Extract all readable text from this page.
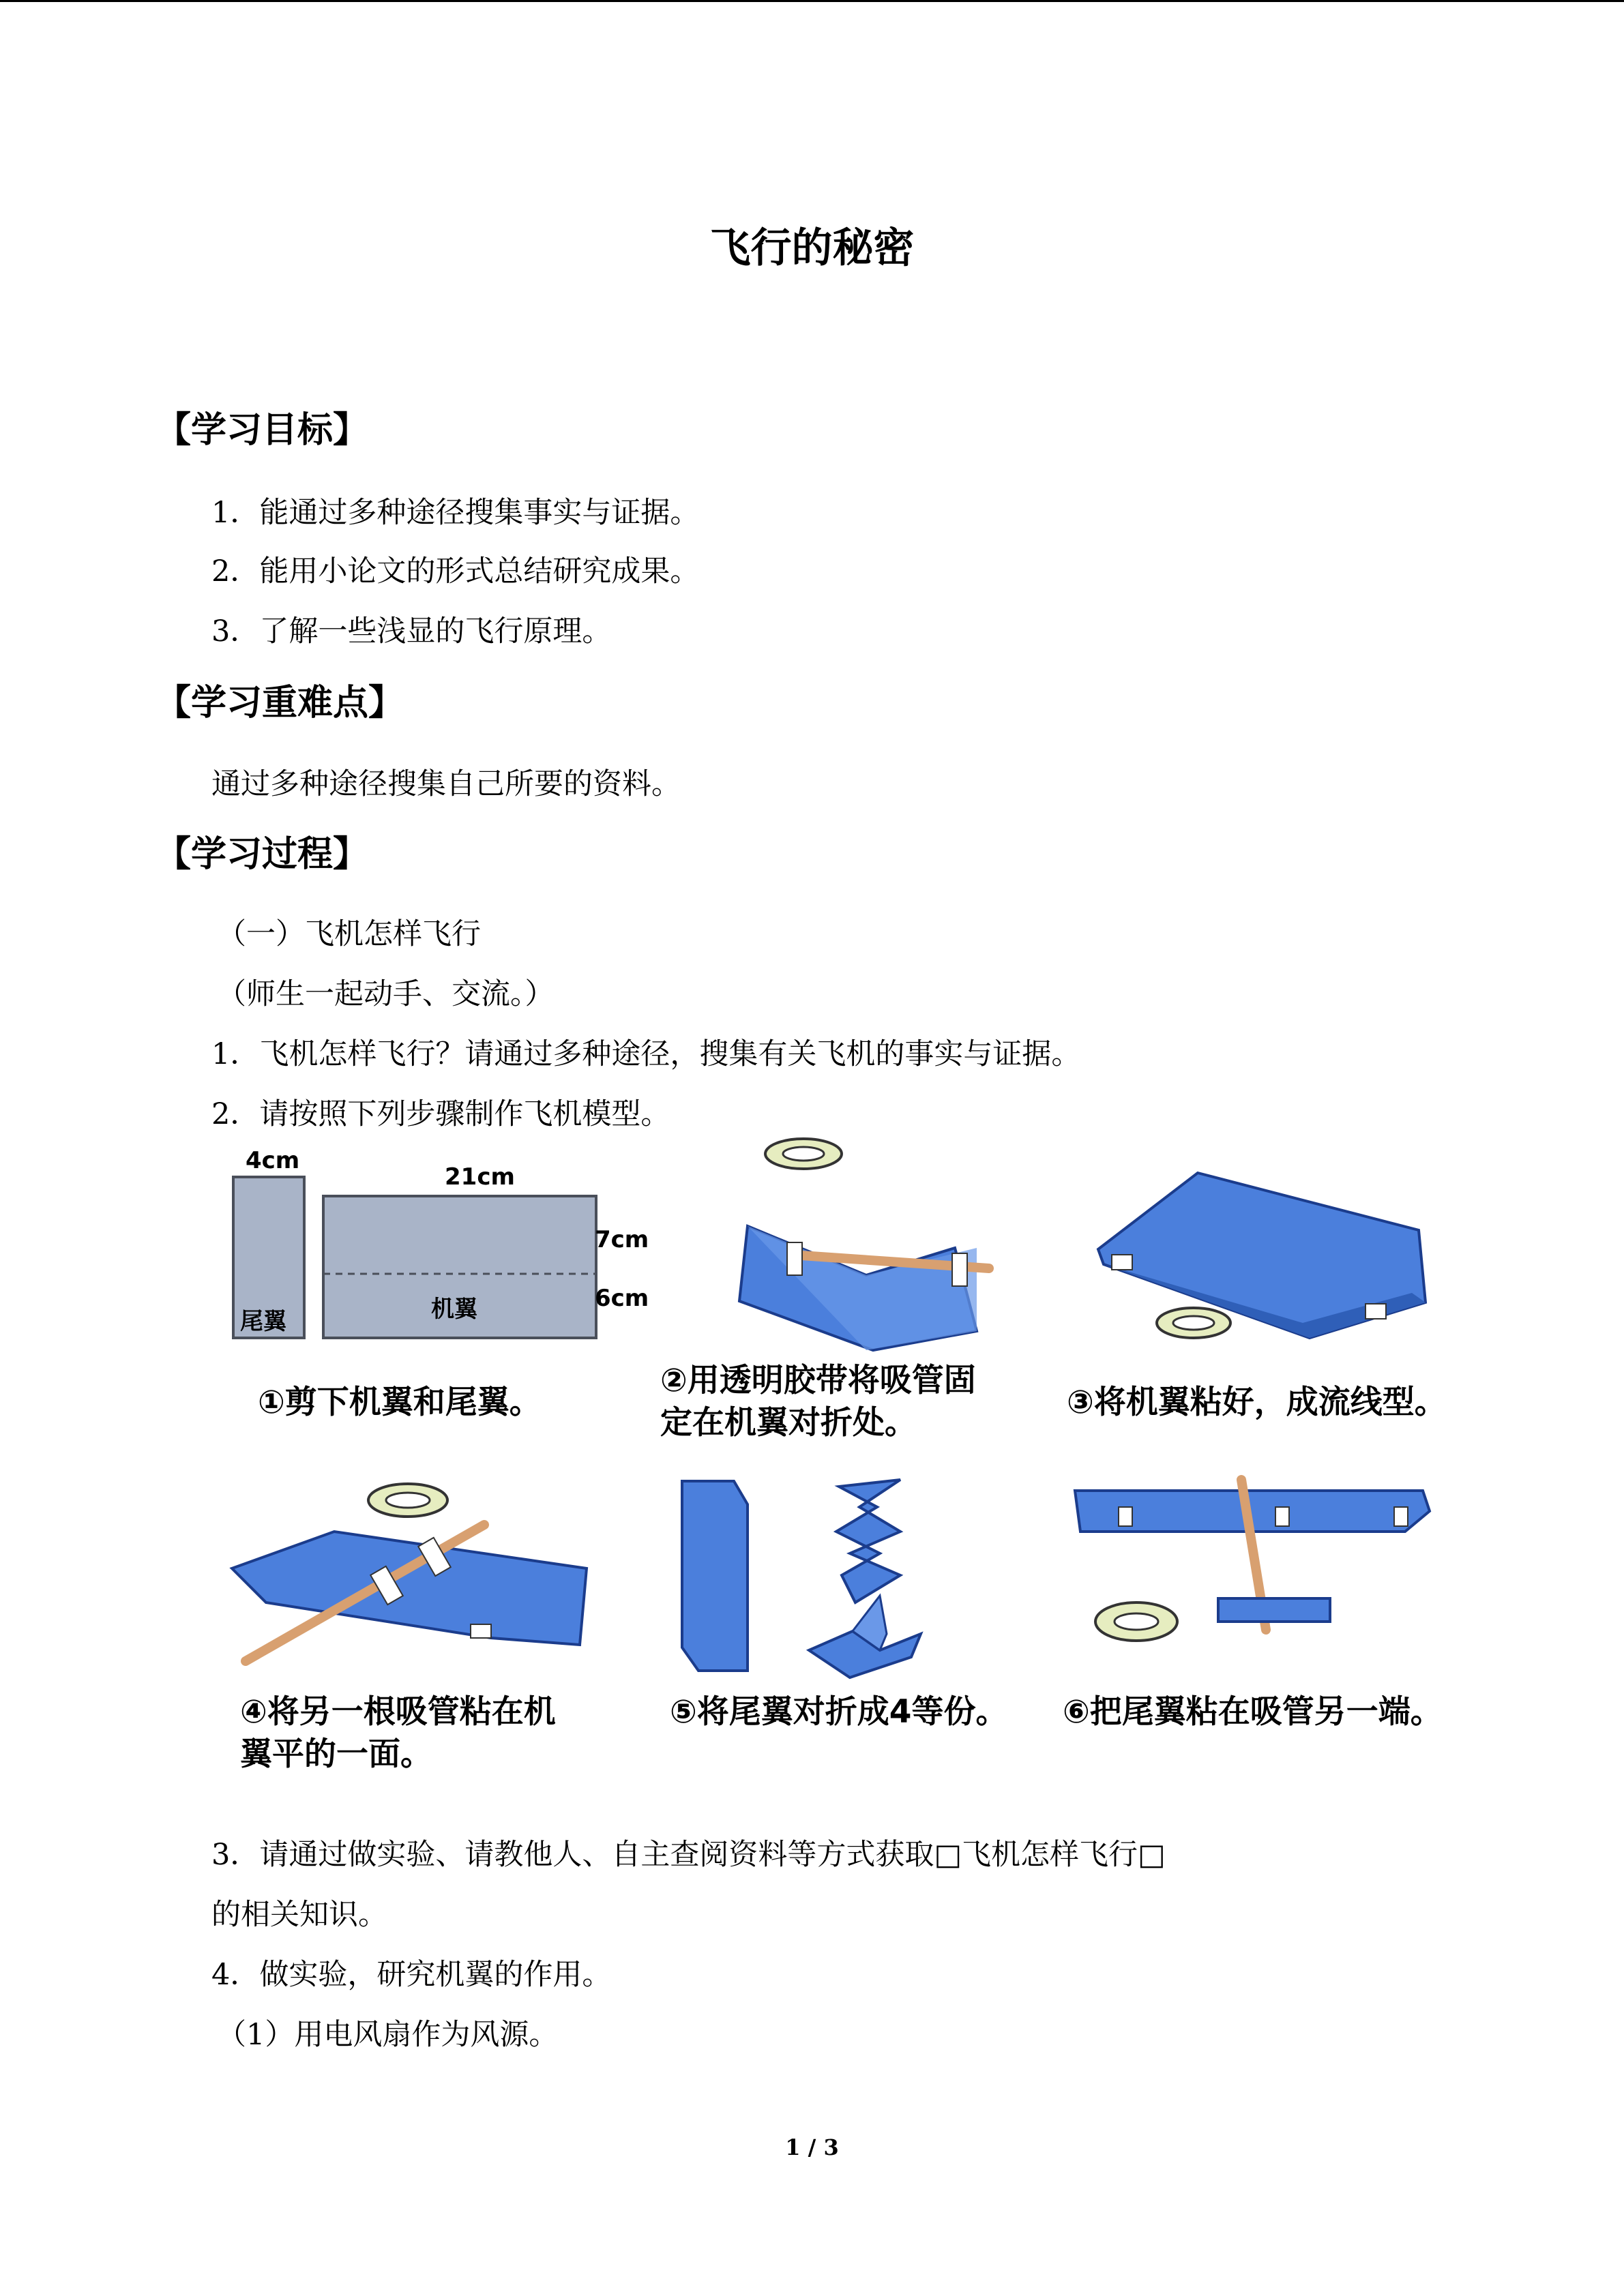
飞行的秘密
【学习目标】
1．能通过多种途径搜集事实与证据。
2．能用小论文的形式总结研究成果。
3．了解一些浅显的飞行原理。
【学习重难点】
通过多种途径搜集自己所要的资料。
【学习过程】
（一）飞机怎样飞行
（师生一起动手、交流。）
1．飞机怎样飞行？请通过多种途径，搜集有关飞机的事实与证据。
2．请按照下列步骤制作飞机模型。
4cm
21cm
7cm
6cm
尾翼	机翼
①剪下机翼和尾翼。
②用透明胶带将吸管固
定在机翼对折处。
③将机翼粘好，成流线型。
④将另一根吸管粘在机
翼平的一面。
⑤将尾翼对折成4等份。 ⑥把尾翼粘在吸管另一端。
3．请通过做实验、请教他人、自主查阅资料等方式获取□飞机怎样飞行□
的相关知识。
4．做实验，研究机翼的作用。
（1）用电风扇作为风源。
1 / 3
